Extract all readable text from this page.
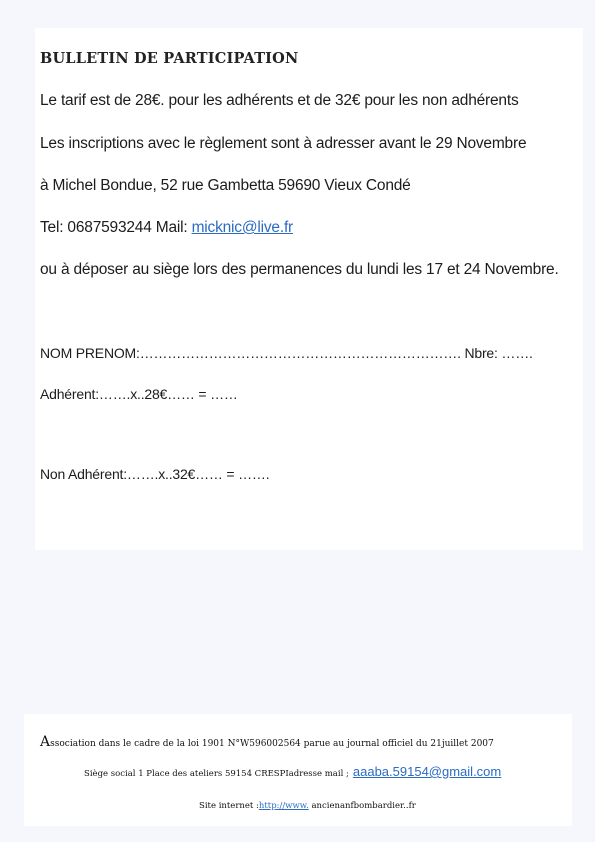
BULLETIN DE PARTICIPATION
Le tarif est de 28€. pour les adhérents et de 32€ pour les non adhérents
Les inscriptions avec le règlement sont à adresser avant le 29 Novembre
à Michel Bondue, 52 rue Gambetta 59690 Vieux Condé
Tel: 0687593244 Mail: micknic@live.fr
ou à déposer au siège lors des permanences du lundi les 17 et 24 Novembre.
NOM PRENOM:……………………………………………………………. Nbre: …….
Adhérent:…….x..28€…… = ……
Non Adhérent:…….x..32€…… = …….
Association dans le cadre de la loi 1901 N°W596002564 parue au journal officiel du 21juillet 2007
Siège social 1 Place des ateliers 59154 CRESPIadresse mail ; aaaba.59154@gmail.com
Site internet :http://www. ancienanfbombardier..fr
